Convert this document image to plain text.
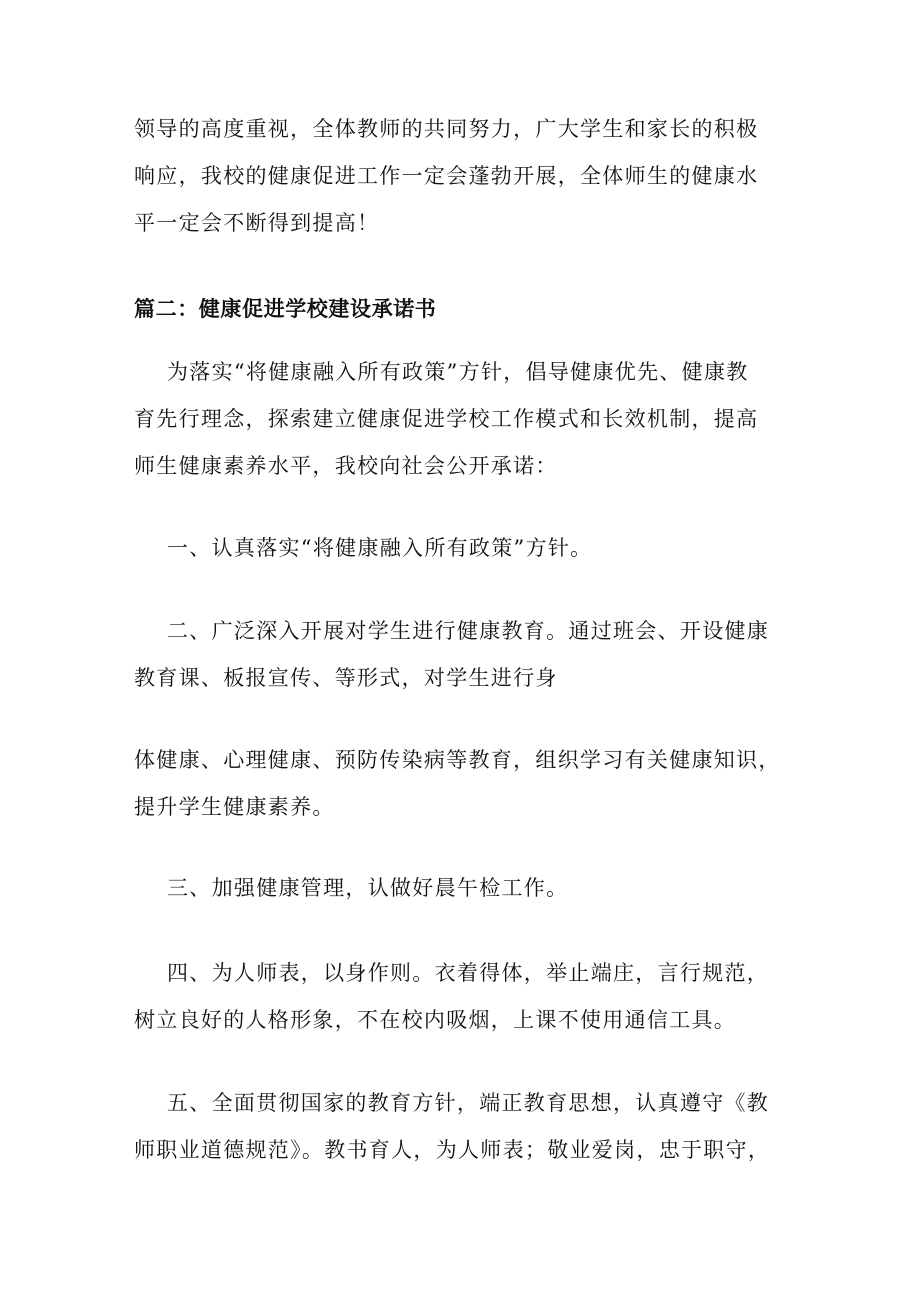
领导的高度重视，全体教师的共同努力，广大学生和家长的积极
响应，我校的健康促进工作一定会蓬勃开展，全体师生的健康水
平一定会不断得到提高！
篇二：健康促进学校建设承诺书
为落实“将健康融入所有政策”方针，倡导健康优先、健康教
育先行理念，探索建立健康促进学校工作模式和长效机制，提高
师生健康素养水平，我校向社会公开承诺：
一、认真落实“将健康融入所有政策”方针。
二、广泛深入开展对学生进行健康教育。通过班会、开设健康
教育课、板报宣传、等形式，对学生进行身
体健康、心理健康、预防传染病等教育，组织学习有关健康知识，
提升学生健康素养。
三、加强健康管理，认做好晨午检工作。
四、为人师表，以身作则。衣着得体，举止端庄，言行规范，
树立良好的人格形象，不在校内吸烟，上课不使用通信工具。
五、全面贯彻国家的教育方针，端正教育思想，认真遵守《教
师职业道德规范》。教书育人，为人师表；敬业爱岗，忠于职守，
